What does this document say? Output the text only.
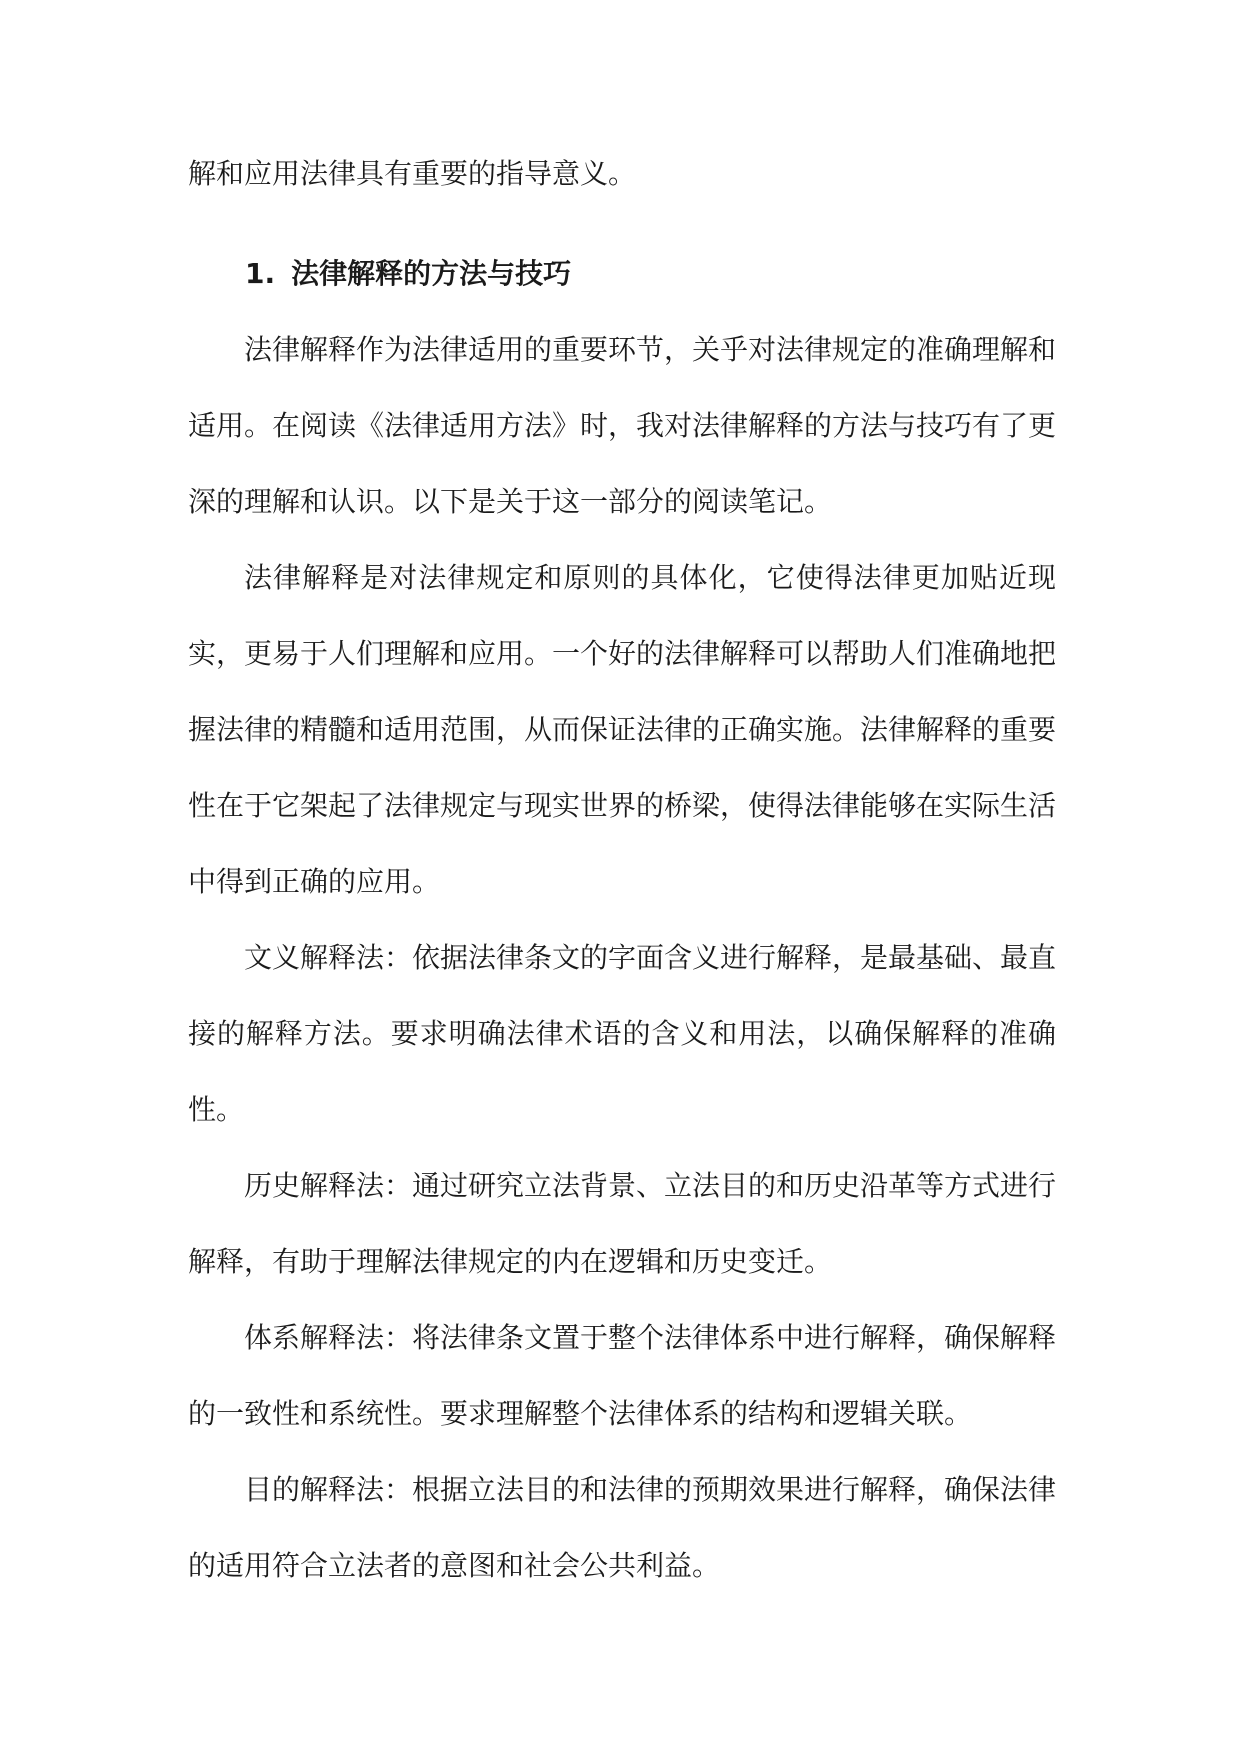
解和应用法律具有重要的指导意义。

1. 法律解释的方法与技巧

法律解释作为法律适用的重要环节，关乎对法律规定的准确理解和适用。在阅读《法律适用方法》时，我对法律解释的方法与技巧有了更深的理解和认识。以下是关于这一部分的阅读笔记。

法律解释是对法律规定和原则的具体化，它使得法律更加贴近现实，更易于人们理解和应用。一个好的法律解释可以帮助人们准确地把握法律的精髓和适用范围，从而保证法律的正确实施。法律解释的重要性在于它架起了法律规定与现实世界的桥梁，使得法律能够在实际生活中得到正确的应用。

文义解释法：依据法律条文的字面含义进行解释，是最基础、最直接的解释方法。要求明确法律术语的含义和用法，以确保解释的准确性。

历史解释法：通过研究立法背景、立法目的和历史沿革等方式进行解释，有助于理解法律规定的内在逻辑和历史变迁。

体系解释法：将法律条文置于整个法律体系中进行解释，确保解释的一致性和系统性。要求理解整个法律体系的结构和逻辑关联。

目的解释法：根据立法目的和法律的预期效果进行解释，确保法律的适用符合立法者的意图和社会公共利益。
